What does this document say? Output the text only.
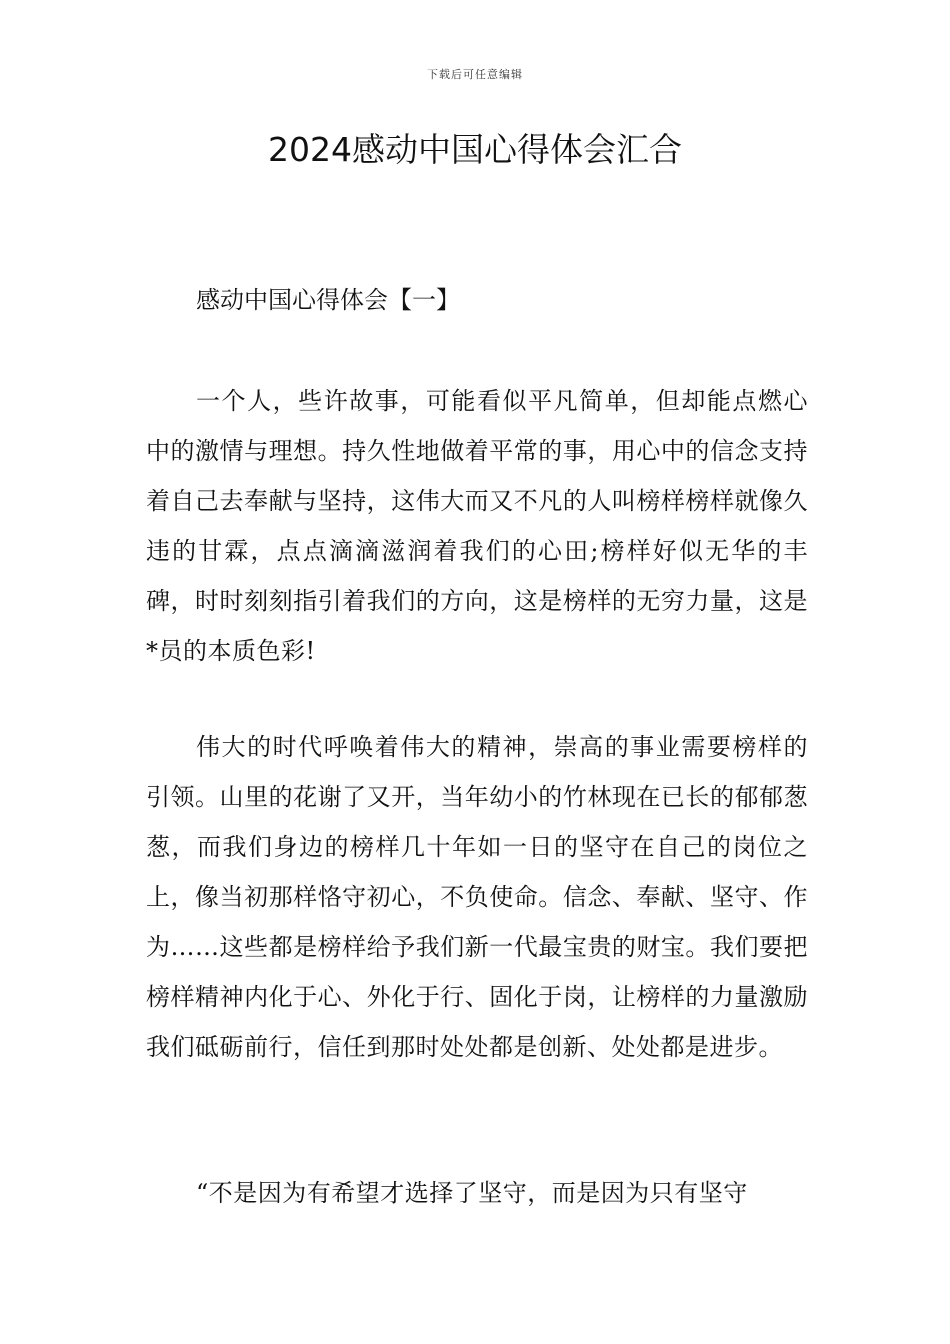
下载后可任意编辑
2024感动中国心得体会汇合
感动中国心得体会【一】

一个人，些许故事，可能看似平凡简单，但却能点燃心中的激情与理想。持久性地做着平常的事，用心中的信念支持着自己去奉献与坚持，这伟大而又不凡的人叫榜样榜样就像久违的甘霖，点点滴滴滋润着我们的心田;榜样好似无华的丰碑，时时刻刻指引着我们的方向，这是榜样的无穷力量，这是*员的本质色彩!

伟大的时代呼唤着伟大的精神，崇高的事业需要榜样的引领。山里的花谢了又开，当年幼小的竹林现在已长的郁郁葱葱，而我们身边的榜样几十年如一日的坚守在自己的岗位之上，像当初那样恪守初心，不负使命。信念、奉献、坚守、作为……这些都是榜样给予我们新一代最宝贵的财宝。我们要把榜样精神内化于心、外化于行、固化于岗，让榜样的力量激励我们砥砺前行，信任到那时处处都是创新、处处都是进步。

“不是因为有希望才选择了坚守，而是因为只有坚守
